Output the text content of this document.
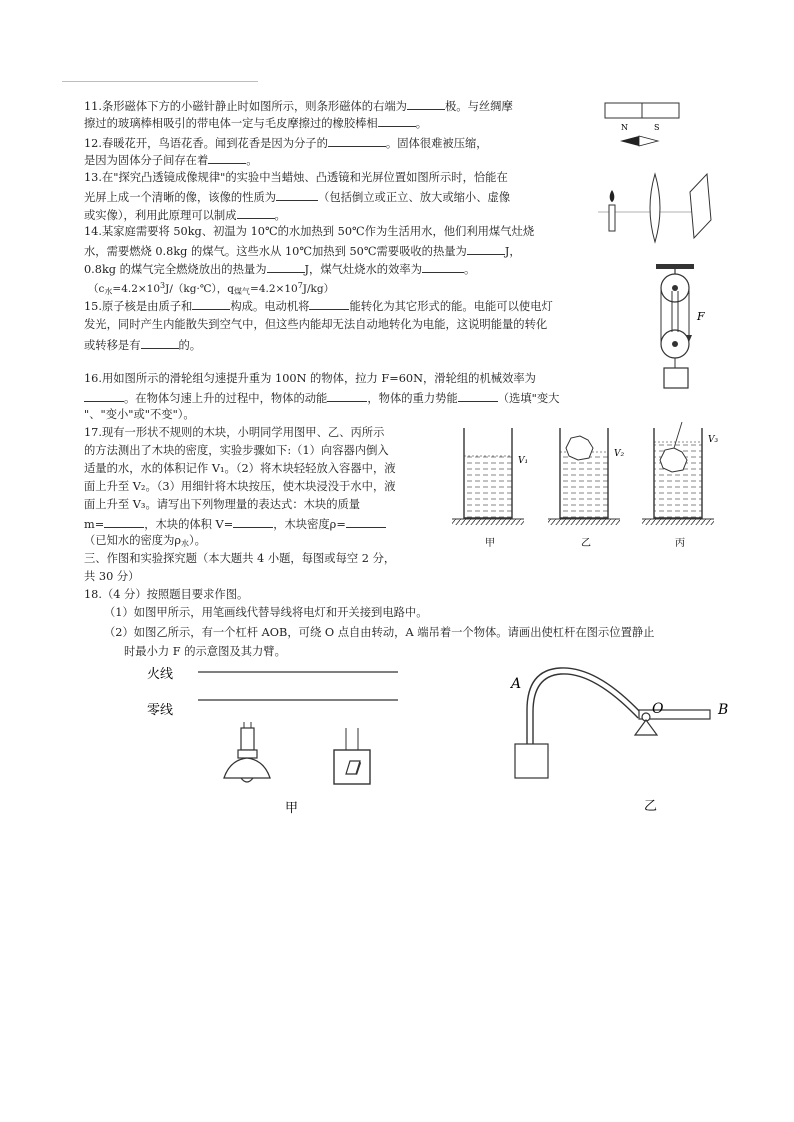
11.条形磁体下方的小磁针静止时如图所示，则条形磁体的右端为	极。与丝绸摩
擦过的玻璃棒相吸引的带电体一定与毛皮摩擦过的橡胶棒相	。	N	S
12.春暖花开，鸟语花香。闻到花香是因为分子的	。固体很难被压缩，
是因为固体分子间存在着	。
13.在"探究凸透镜成像规律"的实验中当蜡烛、凸透镜和光屏位置如图所示时，恰能在
光屏上成一个清晰的像，该像的性质为	（包括倒立或正立、放大或缩小、虚像
或实像），利用此原理可以制成	。
14.某家庭需要将 50kg、初温为 10℃的水加热到 50℃作为生活用水，他们利用煤气灶烧
水，需要燃烧 0.8kg 的煤气。这些水从 10℃加热到 50℃需要吸收的热量为	J，
0.8kg 的煤气完全燃烧放出的热量为	J，煤气灶烧水的效率为	。
（$c_水=4.2\times 10^3J/(kg\cdot℃)$，$q_{煤气}=4.2\times 10^7J/kg$）
15.原子核是由质子和	构成。电动机将	能转化为其它形式的能。电能可以使电灯
发光，同时产生内能散失到空气中，但这些内能却无法自动地转化为电能，这说明能量的转化
或转移是有	的。
F
16.用如图所示的滑轮组匀速提升重为 100N 的物体，拉力 F=60N，滑轮组的机械效率为
。在物体匀速上升的过程中，物体的动能	，物体的重力势能	（选填"变大
"、"变小"或"不变"）。
17.现有一形状不规则的木块，小明同学用图甲、乙、丙所示
的方法测出了木块的密度，实验步骤如下:（1）向容器内倒入
适量的水，水的体积记作 V₁。（2）将木块轻轻放入容器中，液
面上升至 V₂。（3）用细针将木块按压，使木块浸没于水中，液
面上升至 V₃。请写出下列物理量的表达式：木块的质量
m=	，木块的体积 V=	，木块密度ρ=
（已知水的密度为$\rho_水$）。
V₁
V₂
V₃
甲	乙	丙
三、作图和实验探究题（本大题共 4 小题，每图或每空 2 分，
共 30 分）
18.（4 分）按照题目要求作图。
（1）如图甲所示，用笔画线代替导线将电灯和开关接到电路中。
（2）如图乙所示，有一个杠杆 AOB，可绕 O 点自由转动，A 端吊着一个物体。请画出使杠杆在图示位置静止
时最小力 F 的示意图及其力臂。
火线
零线
甲
A
O	B
乙
